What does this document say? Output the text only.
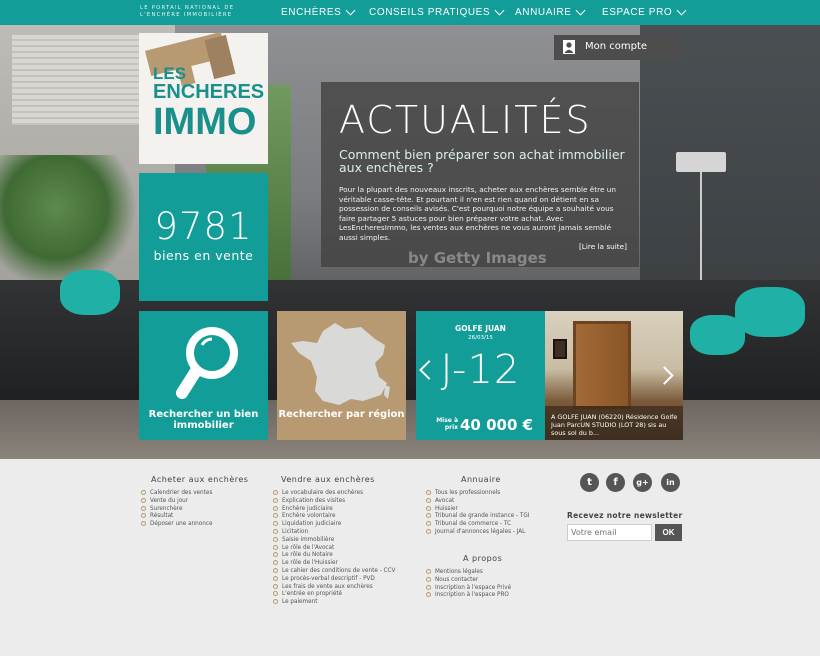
LE PORTAIL NATIONAL DE L'ENCHÈRE IMMOBILIÈRE	ENCHÈRES	CONSEILS PRATIQUES ANNUAIRE	ESPACE PRO
LES
ENCHERES
IMMO
Mon compte
9781
biens en vente
ACTUALITÉS
Comment bien préparer son achat immobilier aux enchères ?
Pour la plupart des nouveaux inscrits, acheter aux enchères semble être un véritable casse-tête. Et pourtant il n'en est rien quand on détient en sa possession de conseils avisés. C'est pourquoi notre équipe a souhaité vous faire partager 5 astuces pour bien préparer votre achat. Avec LesEncheresImmo, les ventes aux enchères ne vous auront jamais semblé aussi simples.
[Lire la suite]
by Getty Images
Rechercher un bien immobilier
Rechercher par région
GOLFE JUAN
26/03/15
J-12
Mise à prix 40 000 €	A GOLFE JUAN (06220) Résidence Golfe Juan ParcUN STUDIO (LOT 28) sis au sous sol du b...
Acheter aux enchères
Calendrier des ventes
Vente du jour
Surenchère
Résultat
Déposer une annonce
Vendre aux enchères
Le vocabulaire des enchères
Explication des visites
Enchère judiciaire
Enchère volontaire
Liquidation judiciaire
Licitation
Saisie immobilière
Le rôle de l'Avocat
Le rôle du Notaire
Le rôle de l'Huissier
Le cahier des conditions de vente - CCV
Le procès-verbal descriptif - PVD
Les frais de vente aux enchères
L'entrée en propriété
Le paiement
Annuaire
Tous les professionnels
Avocat
Huissier
Tribunal de grande instance - TGI
Tribunal de commerce - TC
Journal d'annonces légales - JAL
A propos
Mentions légales
Nous contacter
Inscription à l'espace Privé
Inscription à l'espace PRO
t	f	g+	in
Recevez notre newsletter
Votre email
OK
